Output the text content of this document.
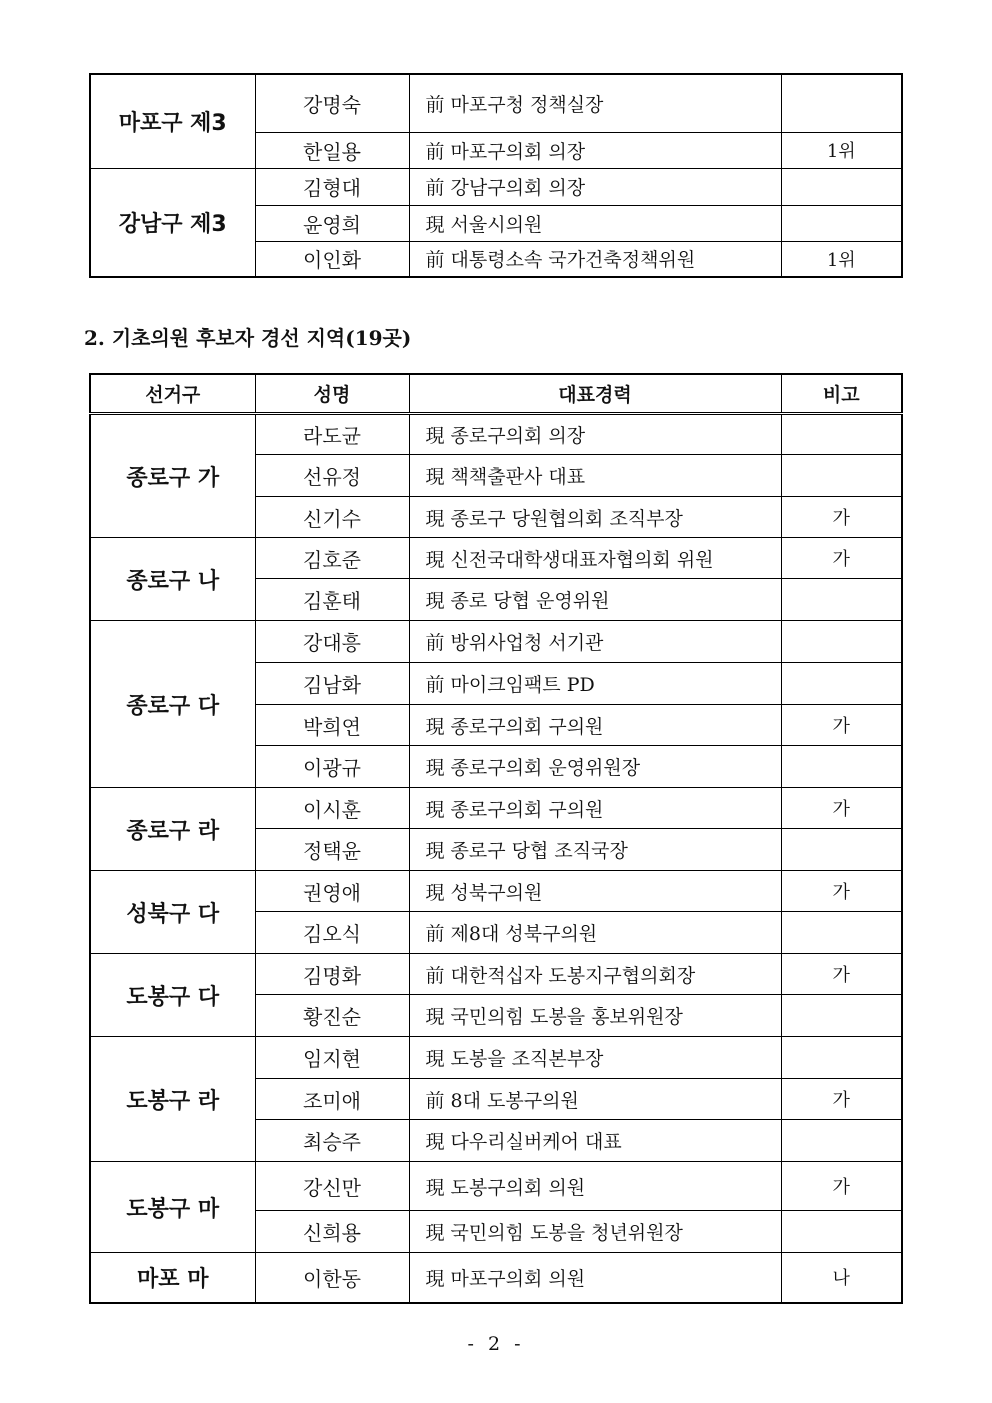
마포구 제3	강명숙	前 마포구청 정책실장	
	한일용	前 마포구의회 의장	1위
강남구 제3	김형대	前 강남구의회 의장	
	윤영희	現 서울시의원	
	이인화	前 대통령소속 국가건축정책위원	1위
2. 기초의원 후보자 경선 지역(19곳)
선거구	성명	대표경력	비고
종로구 가	라도균	現 종로구의회 의장	
	선유정	現 책책출판사 대표	
	신기수	現 종로구 당원협의회 조직부장	가
종로구 나	김호준	現 신전국대학생대표자협의회 위원	가
	김훈태	現 종로 당협 운영위원	
종로구 다	강대흥	前 방위사업청 서기관	
	김남화	前 마이크임팩트 PD	
	박희연	現 종로구의회 구의원	가
	이광규	現 종로구의회 운영위원장	
종로구 라	이시훈	現 종로구의회 구의원	가
	정택윤	現 종로구 당협 조직국장	
성북구 다	권영애	現 성북구의원	가
	김오식	前 제8대 성북구의원	
도봉구 다	김명화	前 대한적십자 도봉지구협의회장	가
	황진순	現 국민의힘 도봉을 홍보위원장	
도봉구 라	임지현	現 도봉을 조직본부장	
	조미애	前 8대 도봉구의원	가
	최승주	現 다우리실버케어 대표	
도봉구 마	강신만	現 도봉구의회 의원	가
	신희용	現 국민의힘 도봉을 청년위원장	
마포 마	이한동	現 마포구의회 의원	나
- 2 -
